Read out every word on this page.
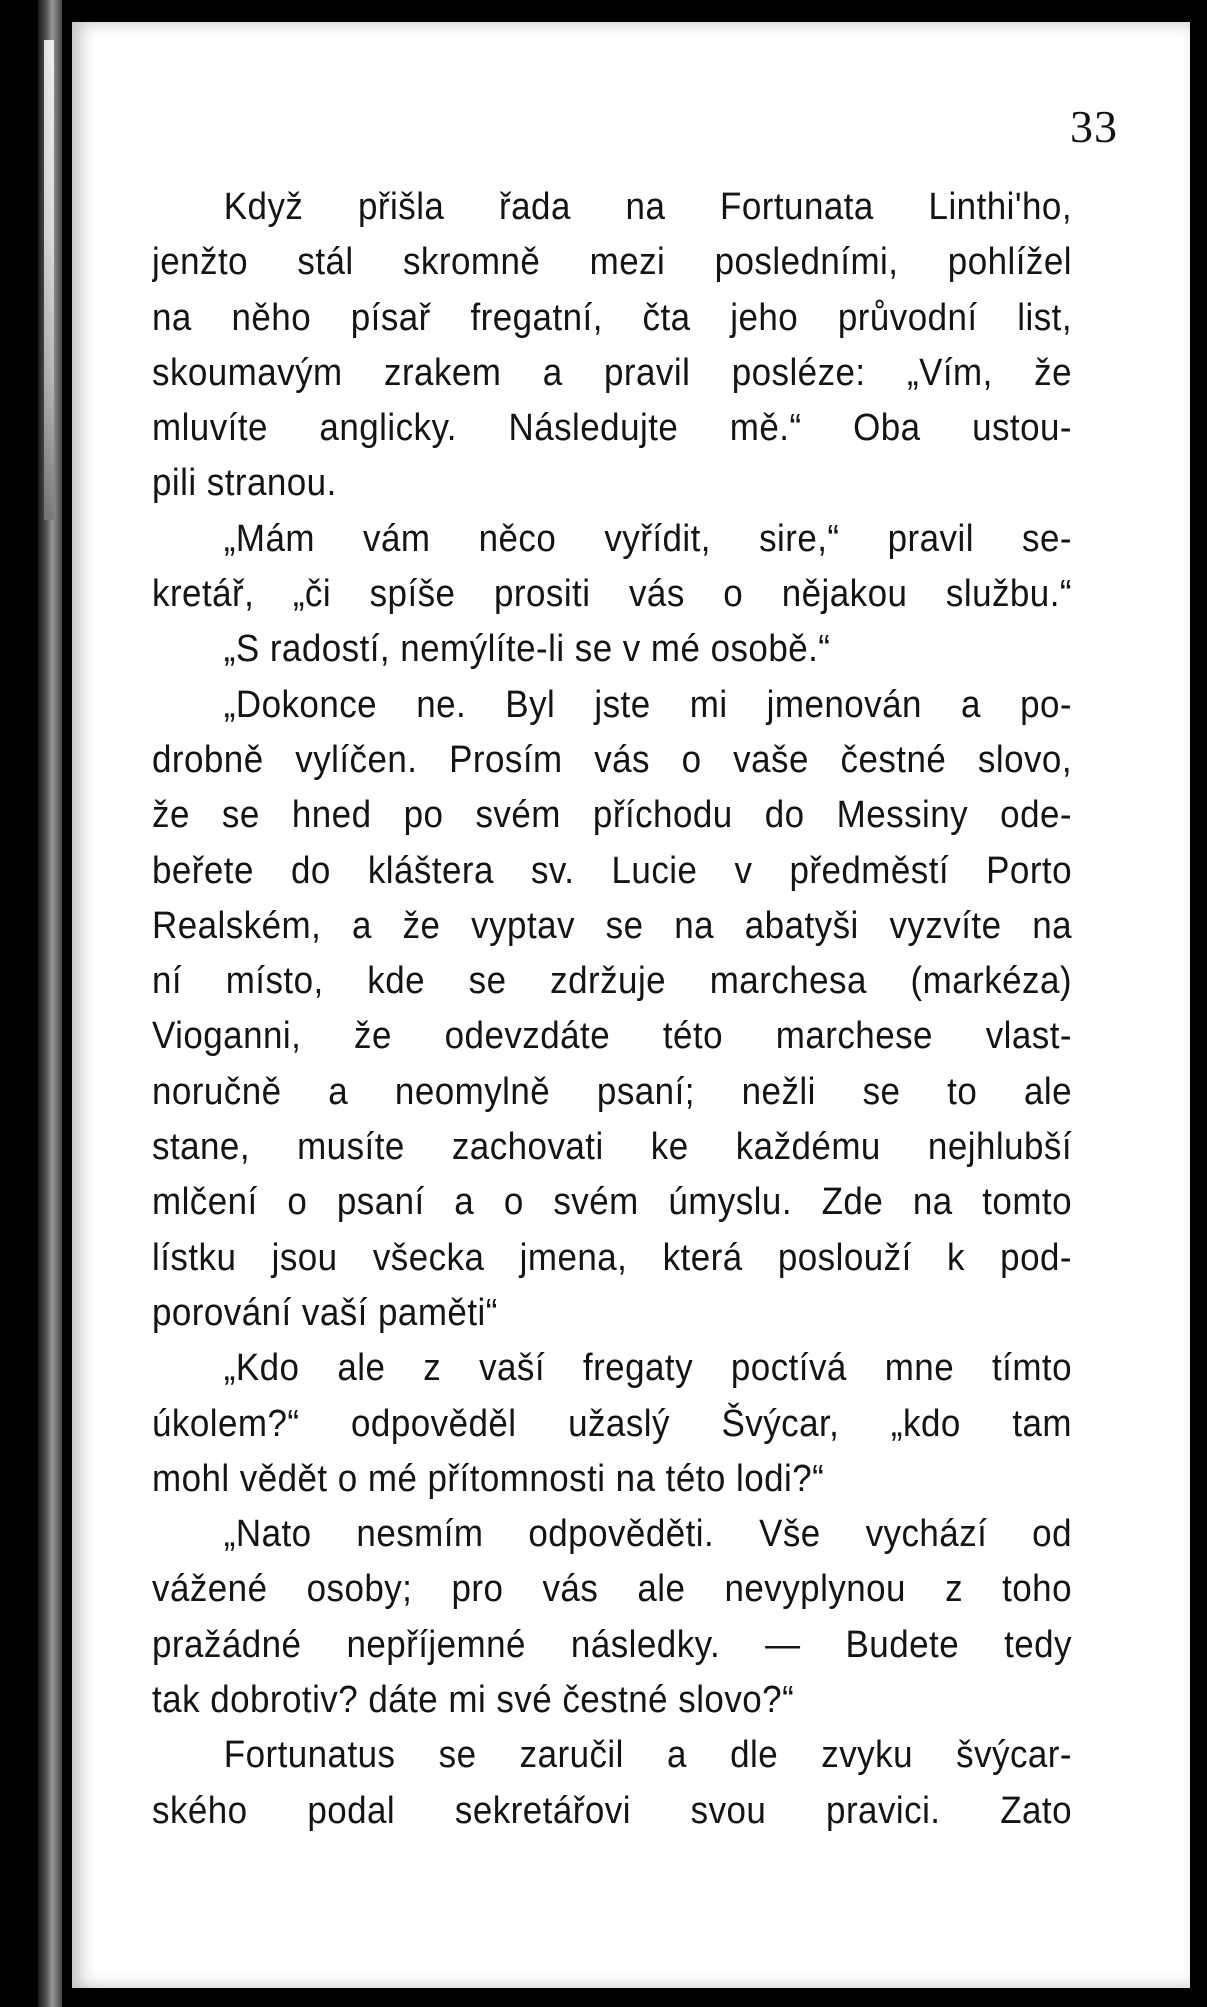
33
Když přišla řada na Fortunata Linthi'ho,
jenžto stál skromně mezi posledními, pohlížel
na něho písař fregatní, čta jeho průvodní list,
skoumavým zrakem a pravil posléze: „Vím, že
mluvíte anglicky. Následujte mě.“ Oba ustou-
pili stranou.
„Mám vám něco vyřídit, sire,“ pravil se-
kretář, „či spíše prositi vás o nějakou službu.“
„S radostí, nemýlíte-li se v mé osobě.“
„Dokonce ne. Byl jste mi jmenován a po-
drobně vylíčen. Prosím vás o vaše čestné slovo,
že se hned po svém příchodu do Messiny ode-
beřete do kláštera sv. Lucie v předměstí Porto
Realském, a že vyptav se na abatyši vyzvíte na
ní místo, kde se zdržuje marchesa (markéza)
Vioganni, že odevzdáte této marchese vlast-
noručně a neomylně psaní; nežli se to ale
stane, musíte zachovati ke každému nejhlubší
mlčení o psaní a o svém úmyslu. Zde na tomto
lístku jsou všecka jmena, která poslouží k pod-
porování vaší paměti“
„Kdo ale z vaší fregaty poctívá mne tímto
úkolem?“ odpověděl užaslý Švýcar, „kdo tam
mohl vědět o mé přítomnosti na této lodi?“
„Nato nesmím odpověděti. Vše vychází od
vážené osoby; pro vás ale nevyplynou z toho
pražádné nepříjemné následky. — Budete tedy
tak dobrotiv? dáte mi své čestné slovo?“
Fortunatus se zaručil a dle zvyku švýcar-
ského podal sekretářovi svou pravici. Zato
